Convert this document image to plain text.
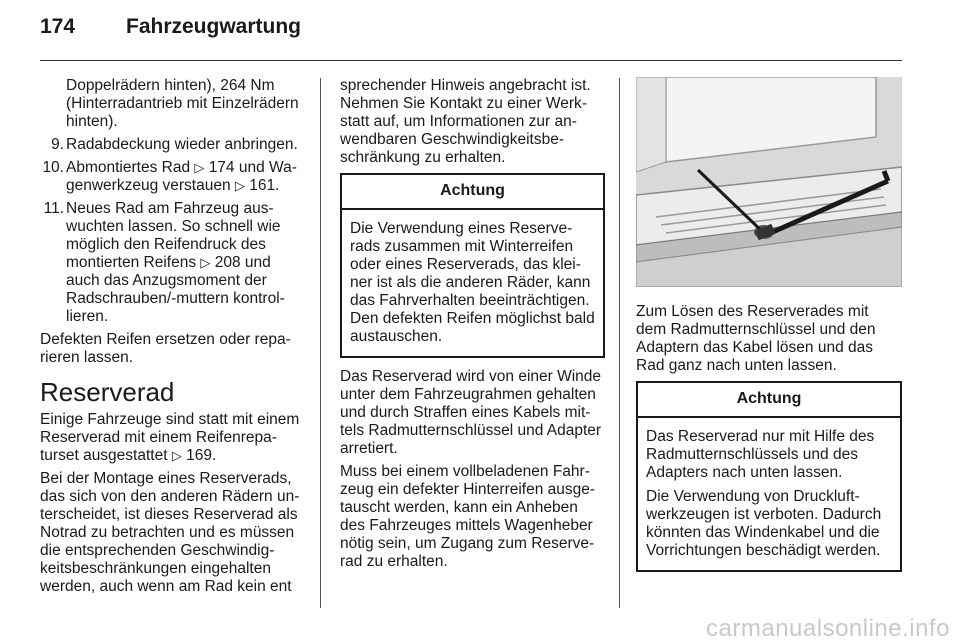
174 Fahrzeugwartung

Doppelrädern hinten), 264 Nm (Hinterradantrieb mit Einzelrädern hinten).

9. Radabdeckung wieder anbringen.
10. Abmontiertes Rad ▷ 174 und Wagenwerkzeug verstauen ▷ 161.
11. Neues Rad am Fahrzeug auswuchten lassen. So schnell wie möglich den Reifendruck des montierten Reifens ▷ 208 und auch das Anzugsmoment der Radschrauben/-muttern kontrollieren.

Defekten Reifen ersetzen oder reparieren lassen.

Reserverad

Einige Fahrzeuge sind statt mit einem Reserverad mit einem Reifenrepaturset ausgestattet ▷ 169.

Bei der Montage eines Reserverads, das sich von den anderen Rädern unterscheidet, ist dieses Reserverad als Notrad zu betrachten und es müssen die entsprechenden Geschwindigkeitsbeschränkungen eingehalten werden, auch wenn am Rad kein ent

sprechender Hinweis angebracht ist. Nehmen Sie Kontakt zu einer Werkstatt auf, um Informationen zur anwendbaren Geschwindigkeitsbeschränkung zu erhalten.

Achtung

Die Verwendung eines Reserverads zusammen mit Winterreifen oder eines Reserverads, das kleiner ist als die anderen Räder, kann das Fahrverhalten beeinträchtigen. Den defekten Reifen möglichst bald austauschen.

Das Reserverad wird von einer Winde unter dem Fahrzeugrahmen gehalten und durch Straffen eines Kabels mittels Radmutternschlüssel und Adapter arretiert.

Muss bei einem vollbeladenen Fahrzeug ein defekter Hinterreifen ausgetauscht werden, kann ein Anheben des Fahrzeuges mittels Wagenheber nötig sein, um Zugang zum Reserverad zu erhalten.

Zum Lösen des Reserverades mit dem Radmutternschlüssel und den Adaptern das Kabel lösen und das Rad ganz nach unten lassen.

Achtung

Das Reserverad nur mit Hilfe des Radmutternschlüssels und des Adapters nach unten lassen.

Die Verwendung von Druckluftwerkzeugen ist verboten. Dadurch könnten das Windenkabel und die Vorrichtungen beschädigt werden.

carmanualsonline.info
